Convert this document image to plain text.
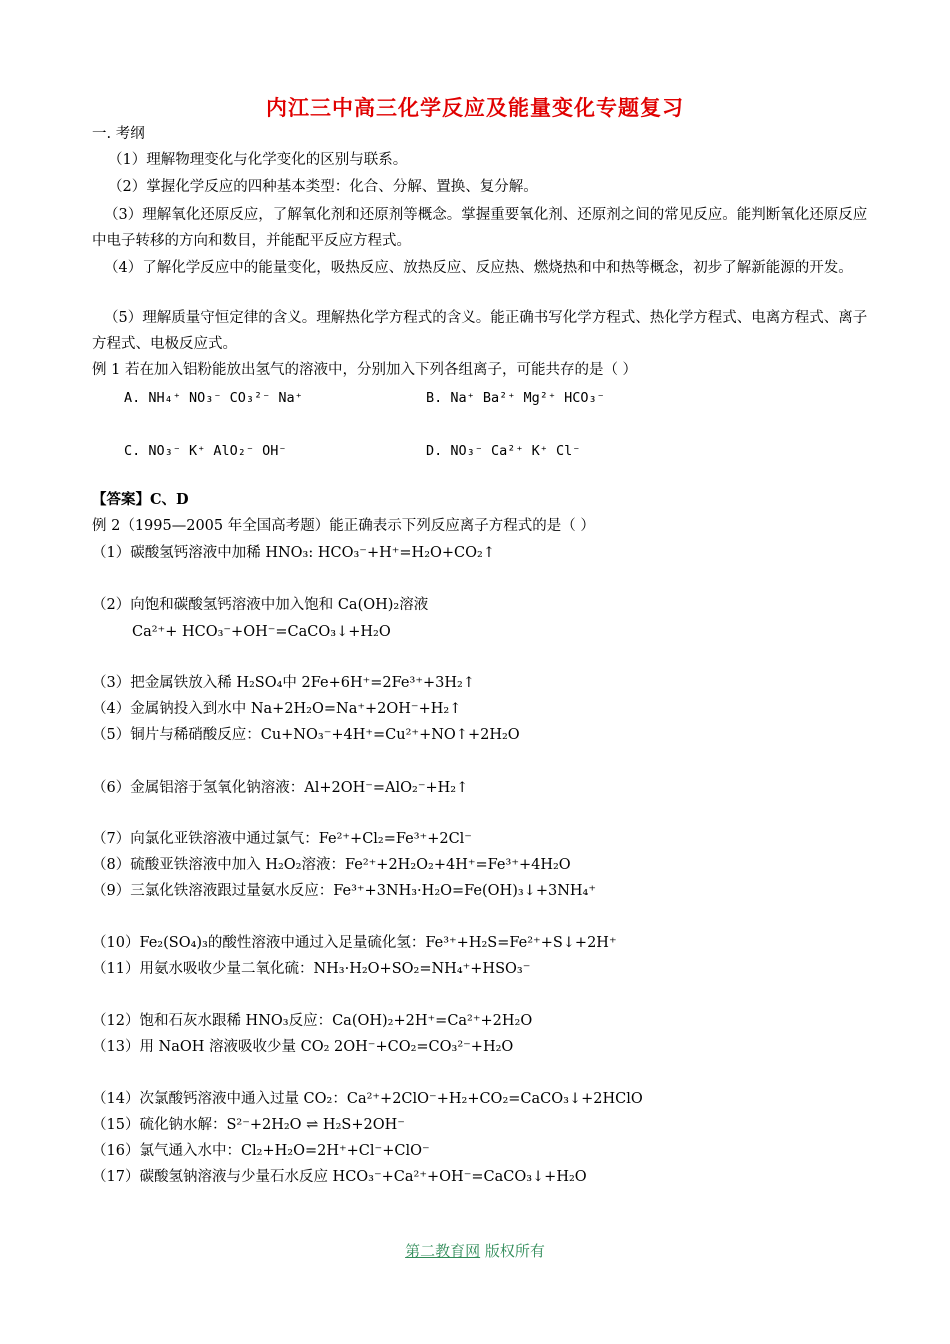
内江三中高三化学反应及能量变化专题复习
一. 考纲
（1）理解物理变化与化学变化的区别与联系。
（2）掌握化学反应的四种基本类型：化合、分解、置换、复分解。
（3）理解氧化还原反应，了解氧化剂和还原剂等概念。掌握重要氧化剂、还原剂之间的常见反应。能判断氧化还原反应中电子转移的方向和数目，并能配平反应方程式。
（4）了解化学反应中的能量变化，吸热反应、放热反应、反应热、燃烧热和中和热等概念，初步了解新能源的开发。
（5）理解质量守恒定律的含义。理解热化学方程式的含义。能正确书写化学方程式、热化学方程式、电离方程式、离子方程式、电极反应式。
例 1 若在加入铝粉能放出氢气的溶液中，分别加入下列各组离子，可能共存的是（ ）
A. NH₄⁺ NO₃⁻ CO₃²⁻ Na⁺	B. Na⁺ Ba²⁺ Mg²⁺ HCO₃⁻
C. NO₃⁻ K⁺ AlO₂⁻ OH⁻	D. NO₃⁻ Ca²⁺ K⁺ Cl⁻
【答案】C、D
例 2（1995—2005 年全国高考题）能正确表示下列反应离子方程式的是（ ）
（1）碳酸氢钙溶液中加稀 HNO₃: HCO₃⁻+H⁺=H₂O+CO₂↑
（2）向饱和碳酸氢钙溶液中加入饱和 Ca(OH)₂溶液
Ca²⁺+ HCO₃⁻+OH⁻=CaCO₃↓+H₂O
（3）把金属铁放入稀 H₂SO₄中 2Fe+6H⁺=2Fe³⁺+3H₂↑
（4）金属钠投入到水中 Na+2H₂O=Na⁺+2OH⁻+H₂↑
（5）铜片与稀硝酸反应：Cu+NO₃⁻+4H⁺=Cu²⁺+NO↑+2H₂O
（6）金属铝溶于氢氧化钠溶液：Al+2OH⁻=AlO₂⁻+H₂↑
（7）向氯化亚铁溶液中通过氯气：Fe²⁺+Cl₂=Fe³⁺+2Cl⁻
（8）硫酸亚铁溶液中加入 H₂O₂溶液：Fe²⁺+2H₂O₂+4H⁺=Fe³⁺+4H₂O
（9）三氯化铁溶液跟过量氨水反应：Fe³⁺+3NH₃·H₂O=Fe(OH)₃↓+3NH₄⁺
（10）Fe₂(SO₄)₃的酸性溶液中通过入足量硫化氢：Fe³⁺+H₂S=Fe²⁺+S↓+2H⁺
（11）用氨水吸收少量二氧化硫：NH₃·H₂O+SO₂=NH₄⁺+HSO₃⁻
（12）饱和石灰水跟稀 HNO₃反应：Ca(OH)₂+2H⁺=Ca²⁺+2H₂O
（13）用 NaOH 溶液吸收少量 CO₂ 2OH⁻+CO₂=CO₃²⁻+H₂O
（14）次氯酸钙溶液中通入过量 CO₂：Ca²⁺+2ClO⁻+H₂+CO₂=CaCO₃↓+2HClO
（15）硫化钠水解：S²⁻+2H₂O ⇌ H₂S+2OH⁻
（16）氯气通入水中：Cl₂+H₂O=2H⁺+Cl⁻+ClO⁻
（17）碳酸氢钠溶液与少量石水反应 HCO₃⁻+Ca²⁺+OH⁻=CaCO₃↓+H₂O
第二教育网 版权所有
